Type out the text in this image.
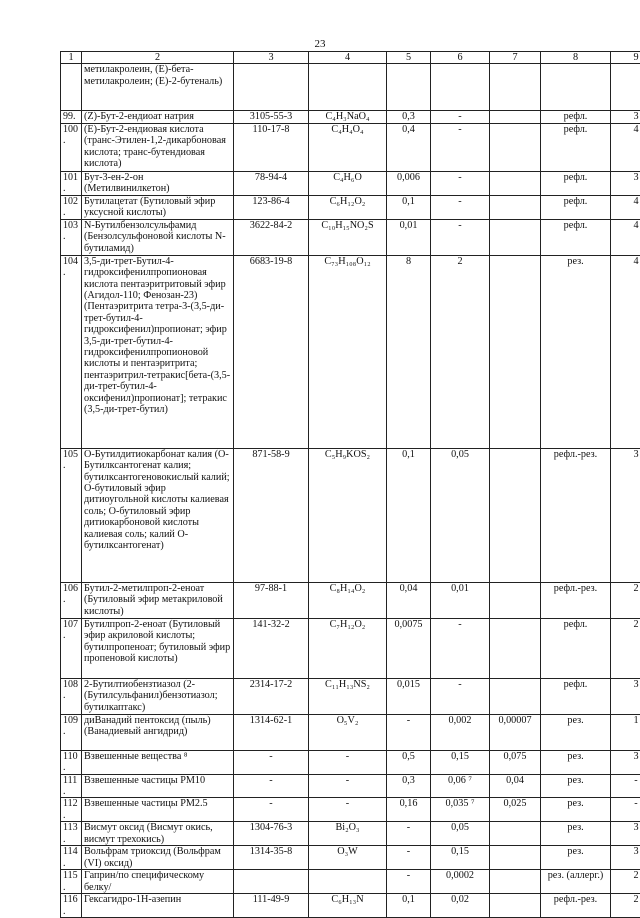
23
1	2	3	4	5	6	7	8	9
	метилакролеин, (E)-бета-метилакролеин; (E)-2-бутеналь)							
99.	(Z)-Бут-2-ендиоат натрия	3105-55-3	C₄H₃NaO₄	0,3	-		рефл.	3
100.	(E)-Бут-2-ендиовая кислота (транс-Этилен-1,2-дикарбоновая кислота; транс-бутендиовая кислота)	110-17-8	C₄H₄O₄	0,4	-		рефл.	4
101.	Бут-3-ен-2-он (Метилвинилкетон)	78-94-4	C₄H₆O	0,006	-		рефл.	3
102.	Бутилацетат (Бутиловый эфир уксусной кислоты)	123-86-4	C₆H₁₂O₂	0,1	-		рефл.	4
103.	N-Бутилбензолсульфамид (Бензолсульфоновой кислоты N-бутиламид)	3622-84-2	C₁₀H₁₅NO₂S	0,01	-		рефл.	4
104.	3,5-ди-трет-Бутил-4-гидроксифенилпропионовая кислота пентаэритритовый эфир (Агидол-110; Фенозан-23) (Пентаэритрита тетра-3-(3,5-ди-трет-бутил-4-гидроксифенил)пропионат; эфир 3,5-ди-трет-бутил-4-гидроксифенилпропионовой кислоты и пентаэритрита; пентаэритрил-тетракис[бета-(3,5-ди-трет-бутил-4-оксифенил)пропионат]; тетракис (3,5-ди-трет-бутил)	6683-19-8	C₇₃H₁₀₈O₁₂	8	2		рез.	4
105.	О-Бутилдитиокарбонат калия (О-Бутилксантогенат калия; бутилксантогеновокислый калий; О-бутиловый эфир дитиоугольной кислоты калиевая соль; О-бутиловый эфир дитиокарбоновой кислоты калиевая соль; калий О-бутилксантогенат)	871-58-9	C₅H₉KOS₂	0,1	0,05		рефл.-рез.	3
106.	Бутил-2-метилпроп-2-еноат (Бутиловый эфир метакриловой кислоты)	97-88-1	C₈H₁₄O₂	0,04	0,01		рефл.-рез.	2
107.	Бутилпроп-2-еноат (Бутиловый эфир акриловой кислоты; бутилпропеноат; бутиловый эфир пропеновой кислоты)	141-32-2	C₇H₁₂O₂	0,0075	-		рефл.	2
108.	2-Бутилтиобензтиазол (2-(Бутилсульфанил)бензотиазол; бутилкаптакс)	2314-17-2	C₁₁H₁₃NS₂	0,015	-		рефл.	3
109.	диВанадий пентоксид (пыль) (Ванадиевый ангидрид)	1314-62-1	O₅V₂	-	0,002	0,00007	рез.	1
110.	Взвешенные вещества ⁸	-	-	0,5	0,15	0,075	рез.	3
111.	Взвешенные частицы РМ10	-	-	0,3	0,06 ⁷	0,04	рез.	-
112.	Взвешенные частицы РМ2.5	-	-	0,16	0,035 ⁷	0,025	рез.	-
113.	Висмут оксид (Висмут окись, висмут трехокись)	1304-76-3	Bi₂O₃	-	0,05		рез.	3
114.	Вольфрам триоксид (Вольфрам (VI) оксид)	1314-35-8	O₃W	-	0,15		рез.	3
115.	Гаприн/по специфическому белку/			-	0,0002		рез. (аллерг.)	2
116.	Гексагидро-1Н-азепин	111-49-9	C₆H₁₃N	0,1	0,02		рефл.-рез.	2
